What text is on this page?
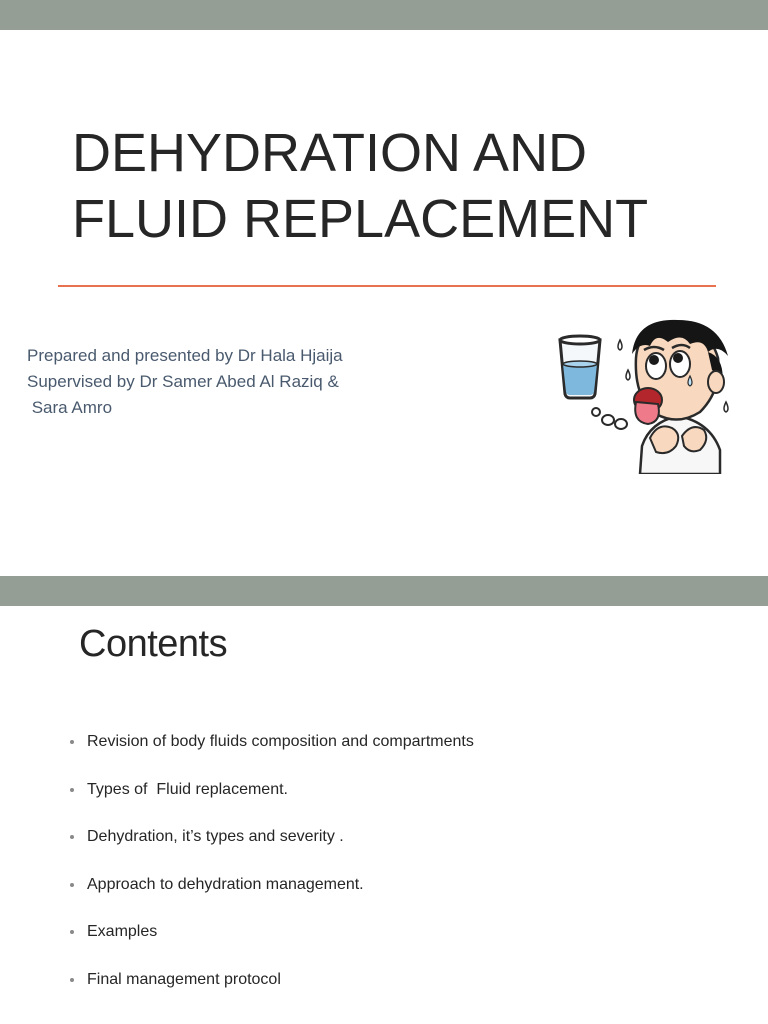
DEHYDRATION AND
FLUID REPLACEMENT
Prepared and presented by Dr Hala Hjaija
Supervised by Dr Samer Abed Al Raziq &
Sara Amro
Contents
Revision of body fluids composition and compartments
Types of  Fluid replacement.
Dehydration, it’s types and severity .
Approach to dehydration management.
Examples
Final management protocol
